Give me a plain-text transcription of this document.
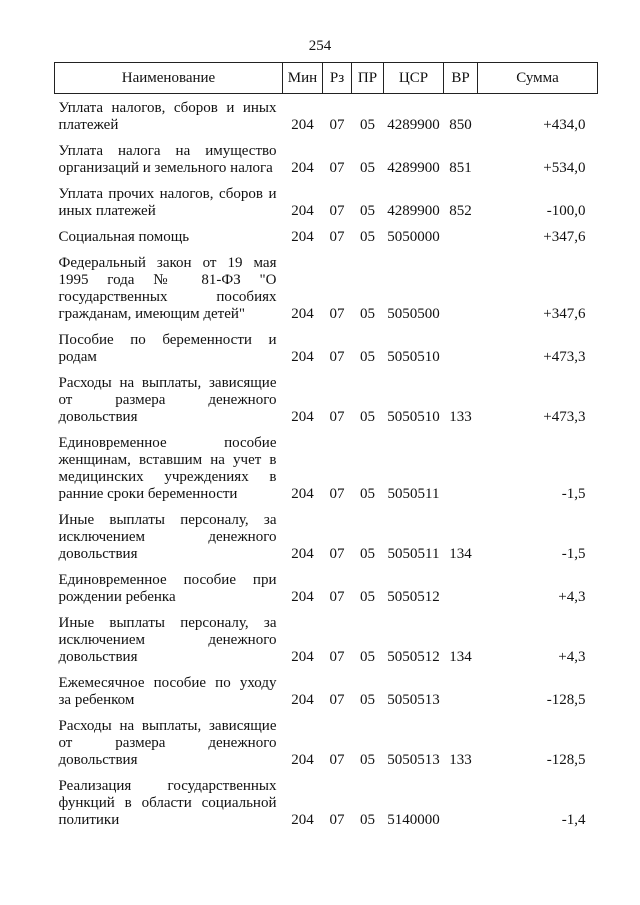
254
Наименование	Мин	Рз	ПР	ЦСР	ВР	Сумма

Уплата налогов, сборов и иных платежей	204	07	05	4289900	850	+434,0

Уплата налога на имущество организаций и земельного налога	204	07	05	4289900	851	+534,0

Уплата прочих налогов, сборов и иных платежей	204	07	05	4289900	852	-100,0

Социальная помощь	204	07	05	5050000		+347,6

Федеральный закон от 19 мая 1995 года № 81-ФЗ "О государственных пособиях гражданам, имеющим детей"	204	07	05	5050500		+347,6

Пособие по беременности и родам	204	07	05	5050510		+473,3

Расходы на выплаты, зависящие от размера денежного довольствия	204	07	05	5050510	133	+473,3

Единовременное пособие женщинам, вставшим на учет в медицинских учреждениях в ранние сроки беременности	204	07	05	5050511		-1,5

Иные выплаты персоналу, за исключением денежного довольствия	204	07	05	5050511	134	-1,5

Единовременное пособие при рождении ребенка	204	07	05	5050512		+4,3

Иные выплаты персоналу, за исключением денежного довольствия	204	07	05	5050512	134	+4,3

Ежемесячное пособие по уходу за ребенком	204	07	05	5050513		-128,5

Расходы на выплаты, зависящие от размера денежного довольствия	204	07	05	5050513	133	-128,5

Реализация государственных функций в области социальной политики	204	07	05	5140000		-1,4
